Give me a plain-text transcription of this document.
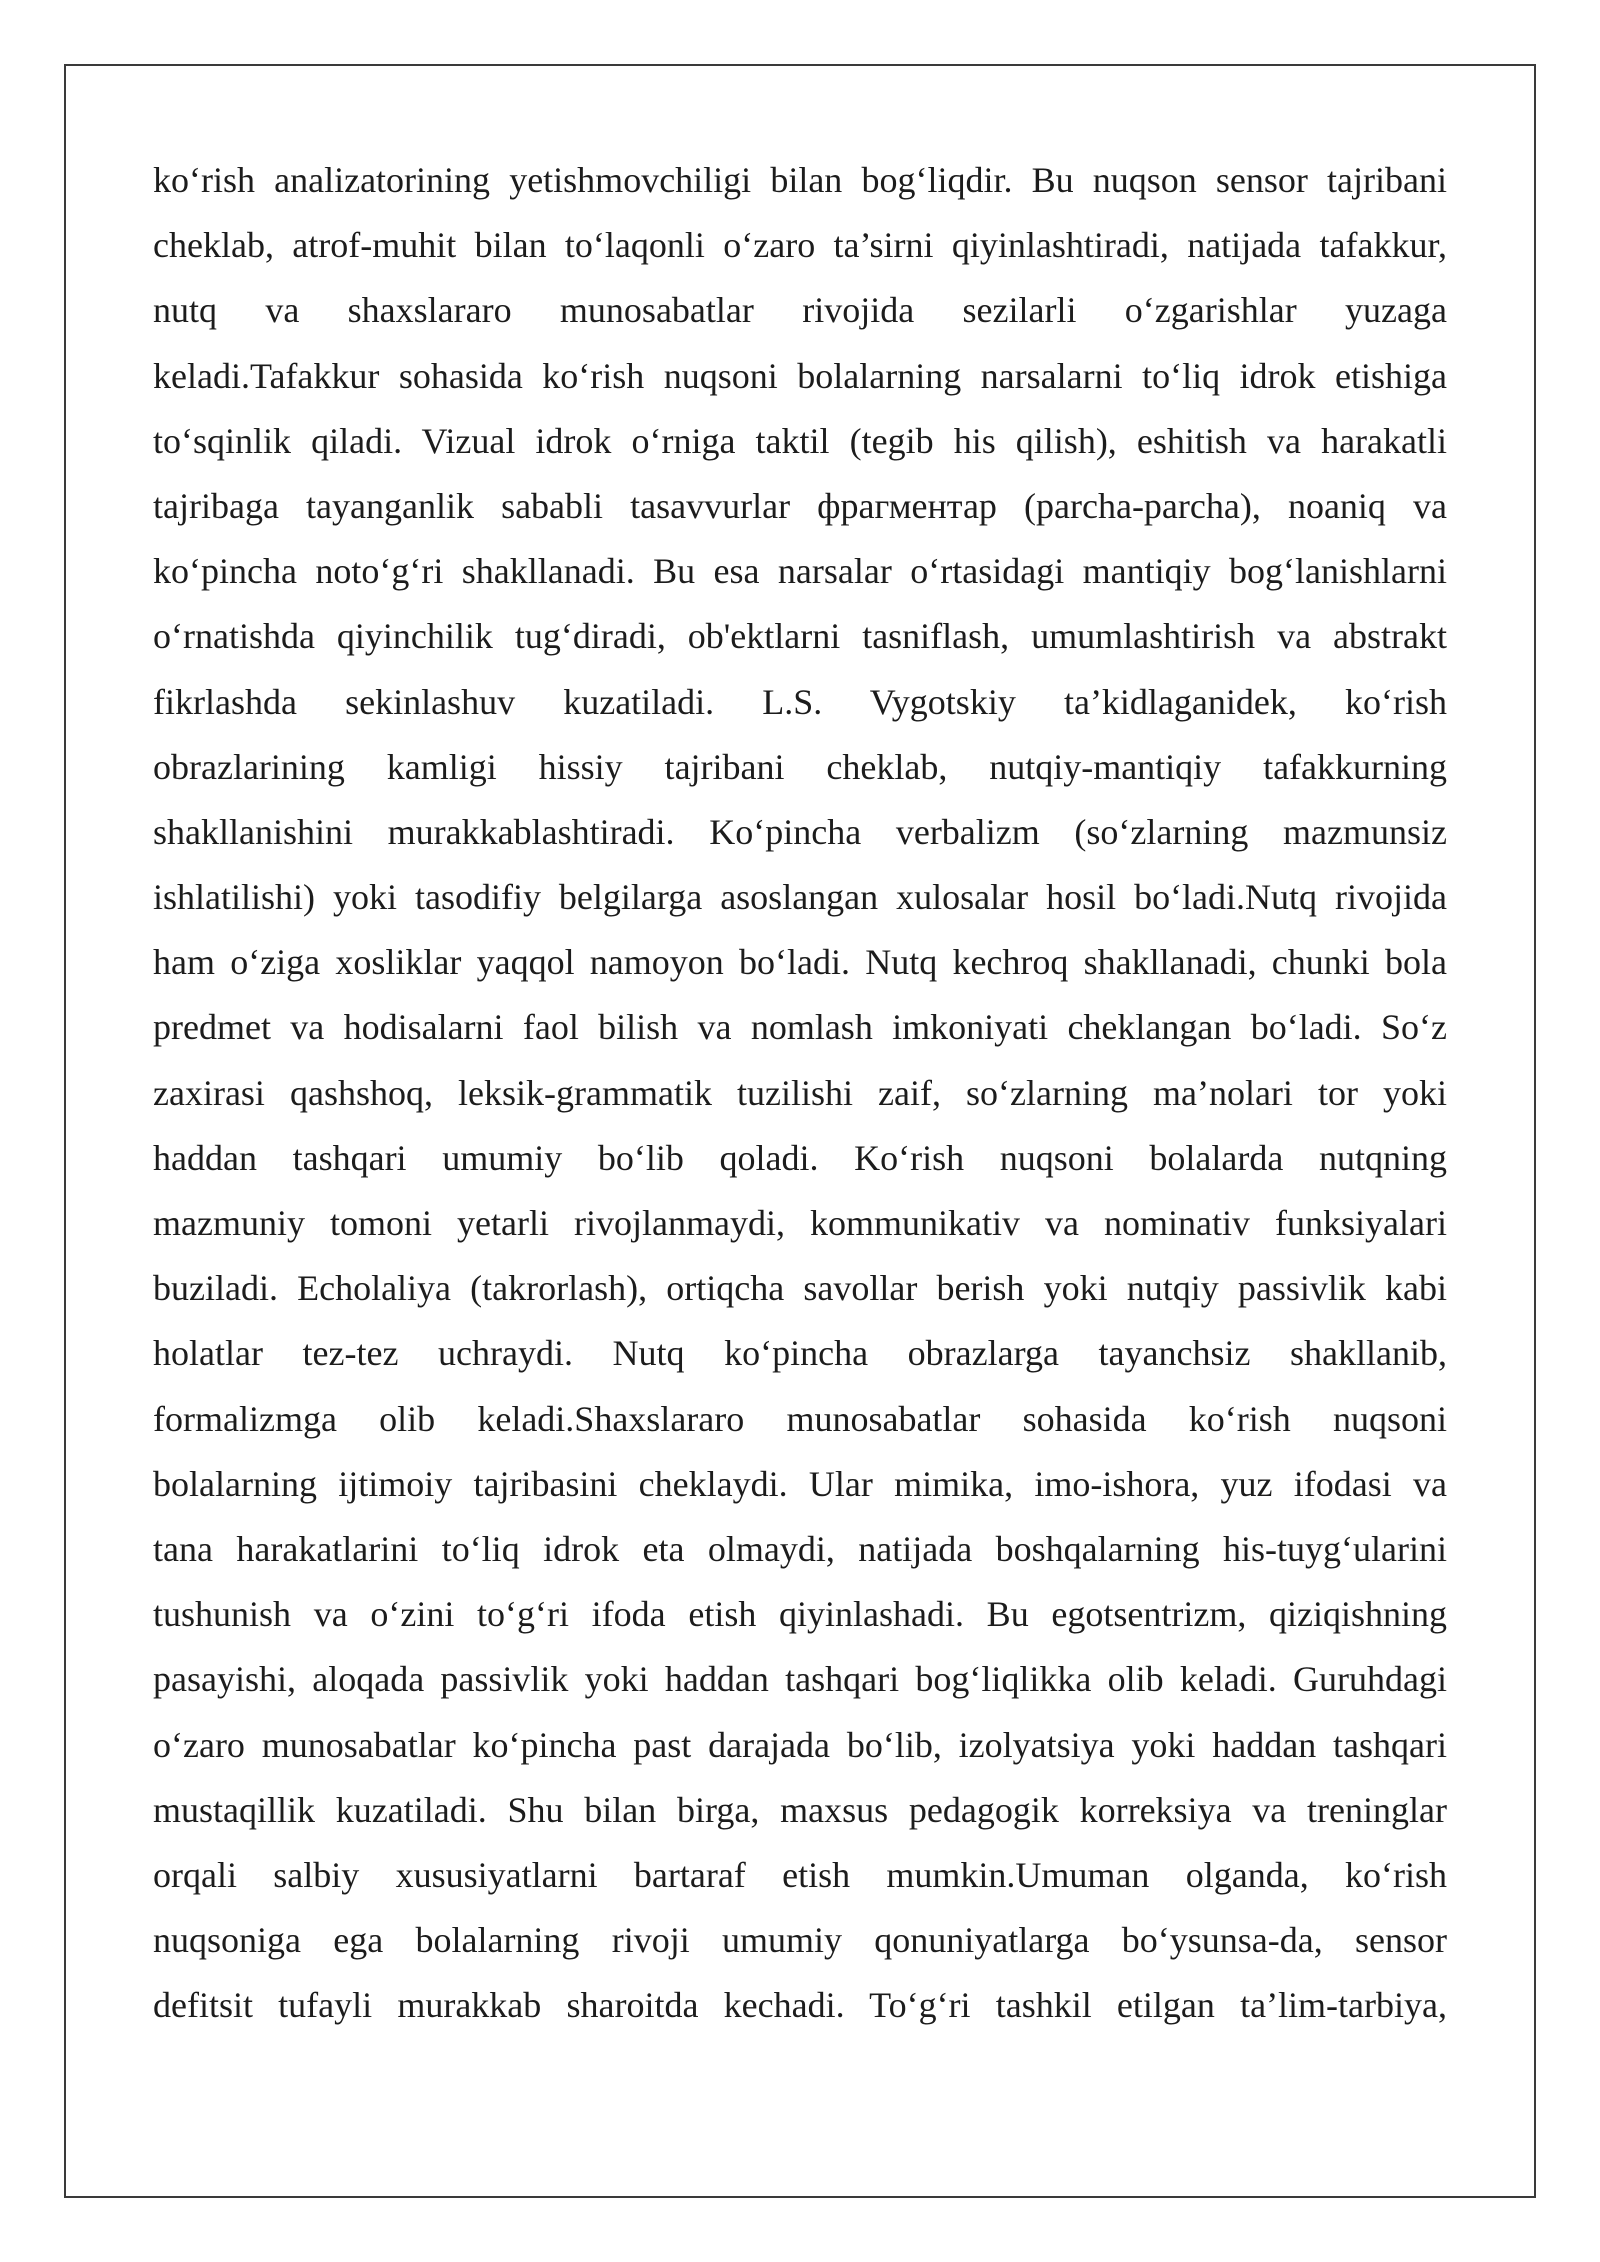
ko‘rish analizatorining yetishmovchiligi bilan bog‘liqdir. Bu nuqson sensor tajribani
cheklab, atrof-muhit bilan to‘laqonli o‘zaro ta’sirni qiyinlashtiradi, natijada tafakkur,
nutq va shaxslararo munosabatlar rivojida sezilarli o‘zgarishlar yuzaga
keladi.Tafakkur sohasida ko‘rish nuqsoni bolalarning narsalarni to‘liq idrok etishiga
to‘sqinlik qiladi. Vizual idrok o‘rniga taktil (tegib his qilish), eshitish va harakatli
tajribaga tayanganlik sababli tasavvurlar фрагментар (parcha-parcha), noaniq va
ko‘pincha noto‘g‘ri shakllanadi. Bu esa narsalar o‘rtasidagi mantiqiy bog‘lanishlarni
o‘rnatishda qiyinchilik tug‘diradi, ob'ektlarni tasniflash, umumlashtirish va abstrakt
fikrlashda sekinlashuv kuzatiladi. L.S. Vygotskiy ta’kidlaganidek, ko‘rish
obrazlarining kamligi hissiy tajribani cheklab, nutqiy-mantiqiy tafakkurning
shakllanishini murakkablashtiradi. Ko‘pincha verbalizm (so‘zlarning mazmunsiz
ishlatilishi) yoki tasodifiy belgilarga asoslangan xulosalar hosil bo‘ladi.Nutq rivojida
ham o‘ziga xosliklar yaqqol namoyon bo‘ladi. Nutq kechroq shakllanadi, chunki bola
predmet va hodisalarni faol bilish va nomlash imkoniyati cheklangan bo‘ladi. So‘z
zaxirasi qashshoq, leksik-grammatik tuzilishi zaif, so‘zlarning ma’nolari tor yoki
haddan tashqari umumiy bo‘lib qoladi. Ko‘rish nuqsoni bolalarda nutqning
mazmuniy tomoni yetarli rivojlanmaydi, kommunikativ va nominativ funksiyalari
buziladi. Echolaliya (takrorlash), ortiqcha savollar berish yoki nutqiy passivlik kabi
holatlar tez-tez uchraydi. Nutq ko‘pincha obrazlarga tayanchsiz shakllanib,
formalizmga olib keladi.Shaxslararo munosabatlar sohasida ko‘rish nuqsoni
bolalarning ijtimoiy tajribasini cheklaydi. Ular mimika, imo-ishora, yuz ifodasi va
tana harakatlarini to‘liq idrok eta olmaydi, natijada boshqalarning his-tuyg‘ularini
tushunish va o‘zini to‘g‘ri ifoda etish qiyinlashadi. Bu egotsentrizm, qiziqishning
pasayishi, aloqada passivlik yoki haddan tashqari bog‘liqlikka olib keladi. Guruhdagi
o‘zaro munosabatlar ko‘pincha past darajada bo‘lib, izolyatsiya yoki haddan tashqari
mustaqillik kuzatiladi. Shu bilan birga, maxsus pedagogik korreksiya va treninglar
orqali salbiy xususiyatlarni bartaraf etish mumkin.Umuman olganda, ko‘rish
nuqsoniga ega bolalarning rivoji umumiy qonuniyatlarga bo‘ysunsa-da, sensor
defitsit tufayli murakkab sharoitda kechadi. To‘g‘ri tashkil etilgan ta’lim-tarbiya,
